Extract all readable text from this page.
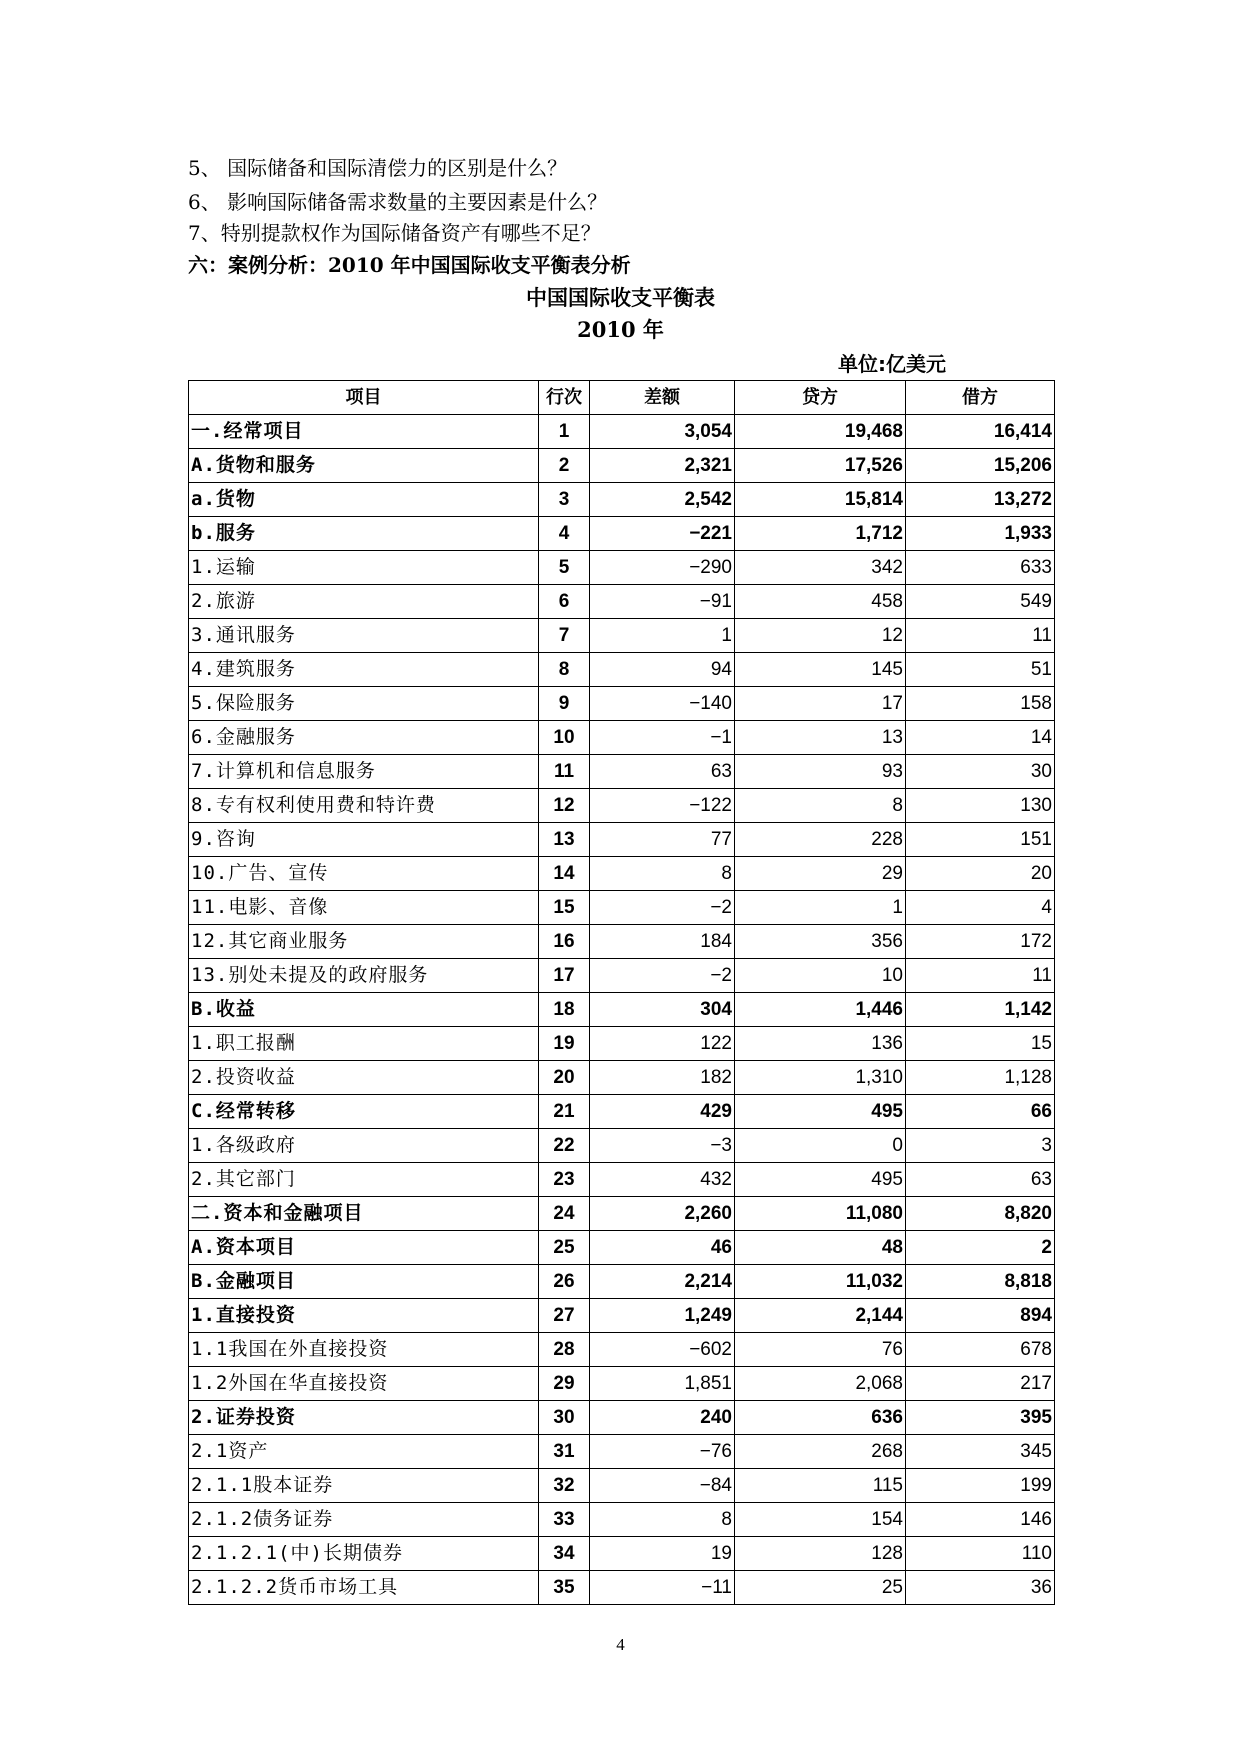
5、 国际储备和国际清偿力的区别是什么？
6、 影响国际储备需求数量的主要因素是什么？
7、特别提款权作为国际储备资产有哪些不足？
六：案例分析：2010 年中国国际收支平衡表分析
中国国际收支平衡表
2010 年
单位:亿美元
项目	行次	差额	贷方	借方
一.经常项目	1	3,054	19,468	16,414
A.货物和服务	2	2,321	17,526	15,206
a.货物	3	2,542	15,814	13,272
b.服务	4	−221	1,712	1,933
1.运输	5	−290	342	633
2.旅游	6	−91	458	549
3.通讯服务	7	1	12	11
4.建筑服务	8	94	145	51
5.保险服务	9	−140	17	158
6.金融服务	10	−1	13	14
7.计算机和信息服务	11	63	93	30
8.专有权利使用费和特许费	12	−122	8	130
9.咨询	13	77	228	151
10.广告、宣传	14	8	29	20
11.电影、音像	15	−2	1	4
12.其它商业服务	16	184	356	172
13.别处未提及的政府服务	17	−2	10	11
B.收益	18	304	1,446	1,142
1.职工报酬	19	122	136	15
2.投资收益	20	182	1,310	1,128
C.经常转移	21	429	495	66
1.各级政府	22	−3	0	3
2.其它部门	23	432	495	63
二.资本和金融项目	24	2,260	11,080	8,820
A.资本项目	25	46	48	2
B.金融项目	26	2,214	11,032	8,818
1.直接投资	27	1,249	2,144	894
1.1我国在外直接投资	28	−602	76	678
1.2外国在华直接投资	29	1,851	2,068	217
2.证券投资	30	240	636	395
2.1资产	31	−76	268	345
2.1.1股本证券	32	−84	115	199
2.1.2债务证券	33	8	154	146
2.1.2.1(中)长期债券	34	19	128	110
2.1.2.2货币市场工具	35	−11	25	36
4
